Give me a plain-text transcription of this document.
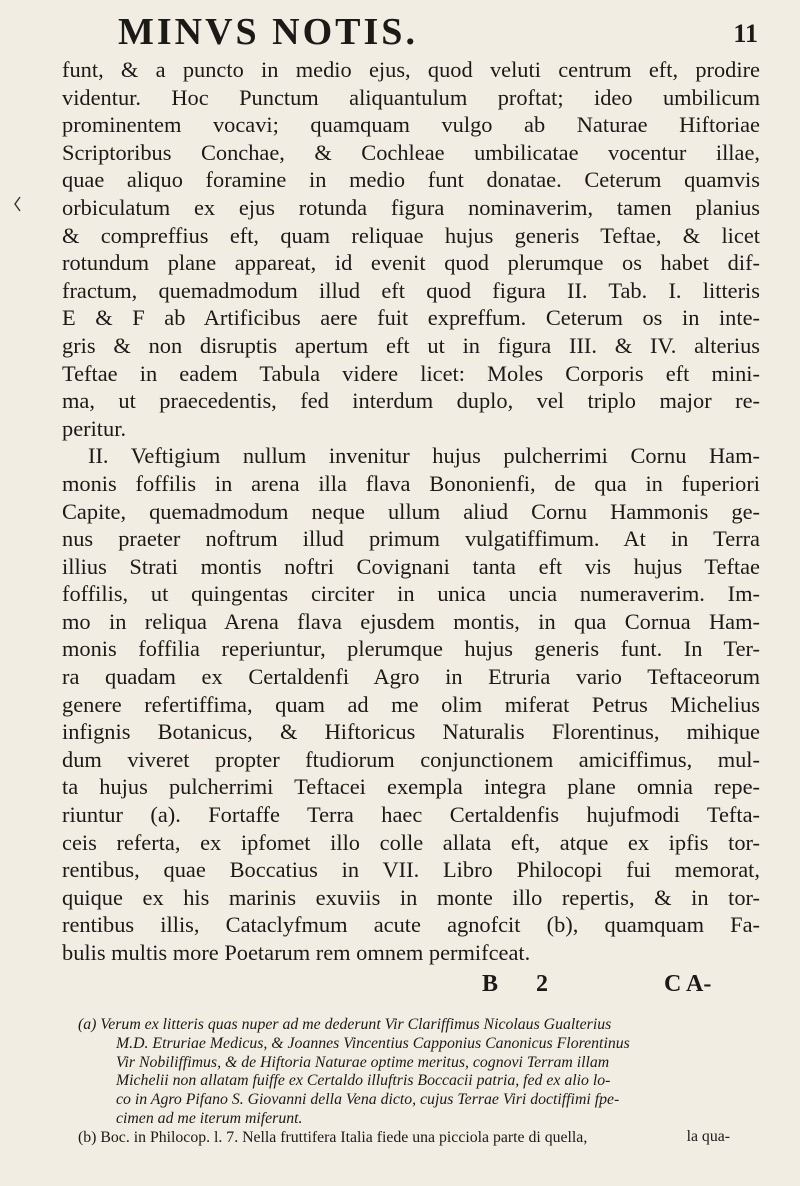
MINVS NOTIS.	11
funt, & a puncto in medio ejus, quod veluti centrum eft, prodire
videntur. Hoc Punctum aliquantulum proftat; ideo umbilicum
prominentem vocavi; quamquam vulgo ab Naturae Hiftoriae
Scriptoribus Conchae, & Cochleae umbilicatae vocentur illae,
quae aliquo foramine in medio funt donatae. Ceterum quamvis
orbiculatum ex ejus rotunda figura nominaverim, tamen planius
& compreffius eft, quam reliquae hujus generis Teftae, & licet
rotundum plane appareat, id evenit quod plerumque os habet dif-
fractum, quemadmodum illud eft quod figura II. Tab. I. litteris
E & F ab Artificibus aere fuit expreffum. Ceterum os in inte-
gris & non disruptis apertum eft ut in figura III. & IV. alterius
Teftae in eadem Tabula videre licet: Moles Corporis eft mini-
ma, ut praecedentis, fed interdum duplo, vel triplo major re-
peritur.
II. Veftigium nullum invenitur hujus pulcherrimi Cornu Ham-
monis foffilis in arena illa flava Bononienfi, de qua in fuperiori
Capite, quemadmodum neque ullum aliud Cornu Hammonis ge-
nus praeter noftrum illud primum vulgatiffimum. At in Terra
illius Strati montis noftri Covignani tanta eft vis hujus Teftae
foffilis, ut quingentas circiter in unica uncia numeraverim. Im-
mo in reliqua Arena flava ejusdem montis, in qua Cornua Ham-
monis foffilia reperiuntur, plerumque hujus generis funt. In Ter-
ra quadam ex Certaldenfi Agro in Etruria vario Teftaceorum
genere refertiffima, quam ad me olim miferat Petrus Michelius
infignis Botanicus, & Hiftoricus Naturalis Florentinus, mihique
dum viveret propter ftudiorum conjunctionem amiciffimus, mul-
ta hujus pulcherrimi Teftacei exempla integra plane omnia repe-
riuntur (a). Fortaffe Terra haec Certaldenfis hujufmodi Tefta-
ceis referta, ex ipfomet illo colle allata eft, atque ex ipfis tor-
rentibus, quae Boccatius in VII. Libro Philocopi fui memorat,
quique ex his marinis exuviis in monte illo repertis, & in tor-
rentibus illis, Cataclyfmum acute agnofcit (b), quamquam Fa-
bulis multis more Poetarum rem omnem permifceat.
B 2	C A-
(a) Verum ex litteris quas nuper ad me dederunt Vir Clariffimus Nicolaus Gualterius
M.D. Etruriae Medicus, & Joannes Vincentius Capponius Canonicus Florentinus
Vir Nobiliffimus, & de Hiftoria Naturae optime meritus, cognovi Terram illam
Michelii non allatam fuiffe ex Certaldo illuftris Boccacii patria, fed ex alio lo-
co in Agro Pifano S. Giovanni della Vena dicto, cujus Terrae Viri doctiffimi fpe-
cimen ad me iterum miferunt.
(b) Boc. in Philocop. l. 7. Nella fruttifera Italia fiede una picciola parte di quella,	la qua-
